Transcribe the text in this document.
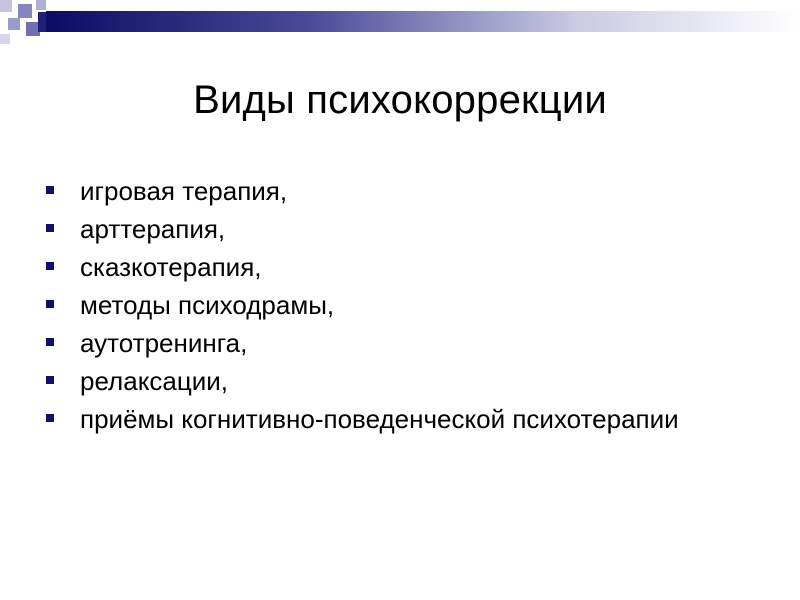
Виды психокоррекции
игровая терапия,
арттерапия,
сказкотерапия,
методы психодрамы,
аутотренинга,
релаксации,
приёмы когнитивно-поведенческой психотерапии
